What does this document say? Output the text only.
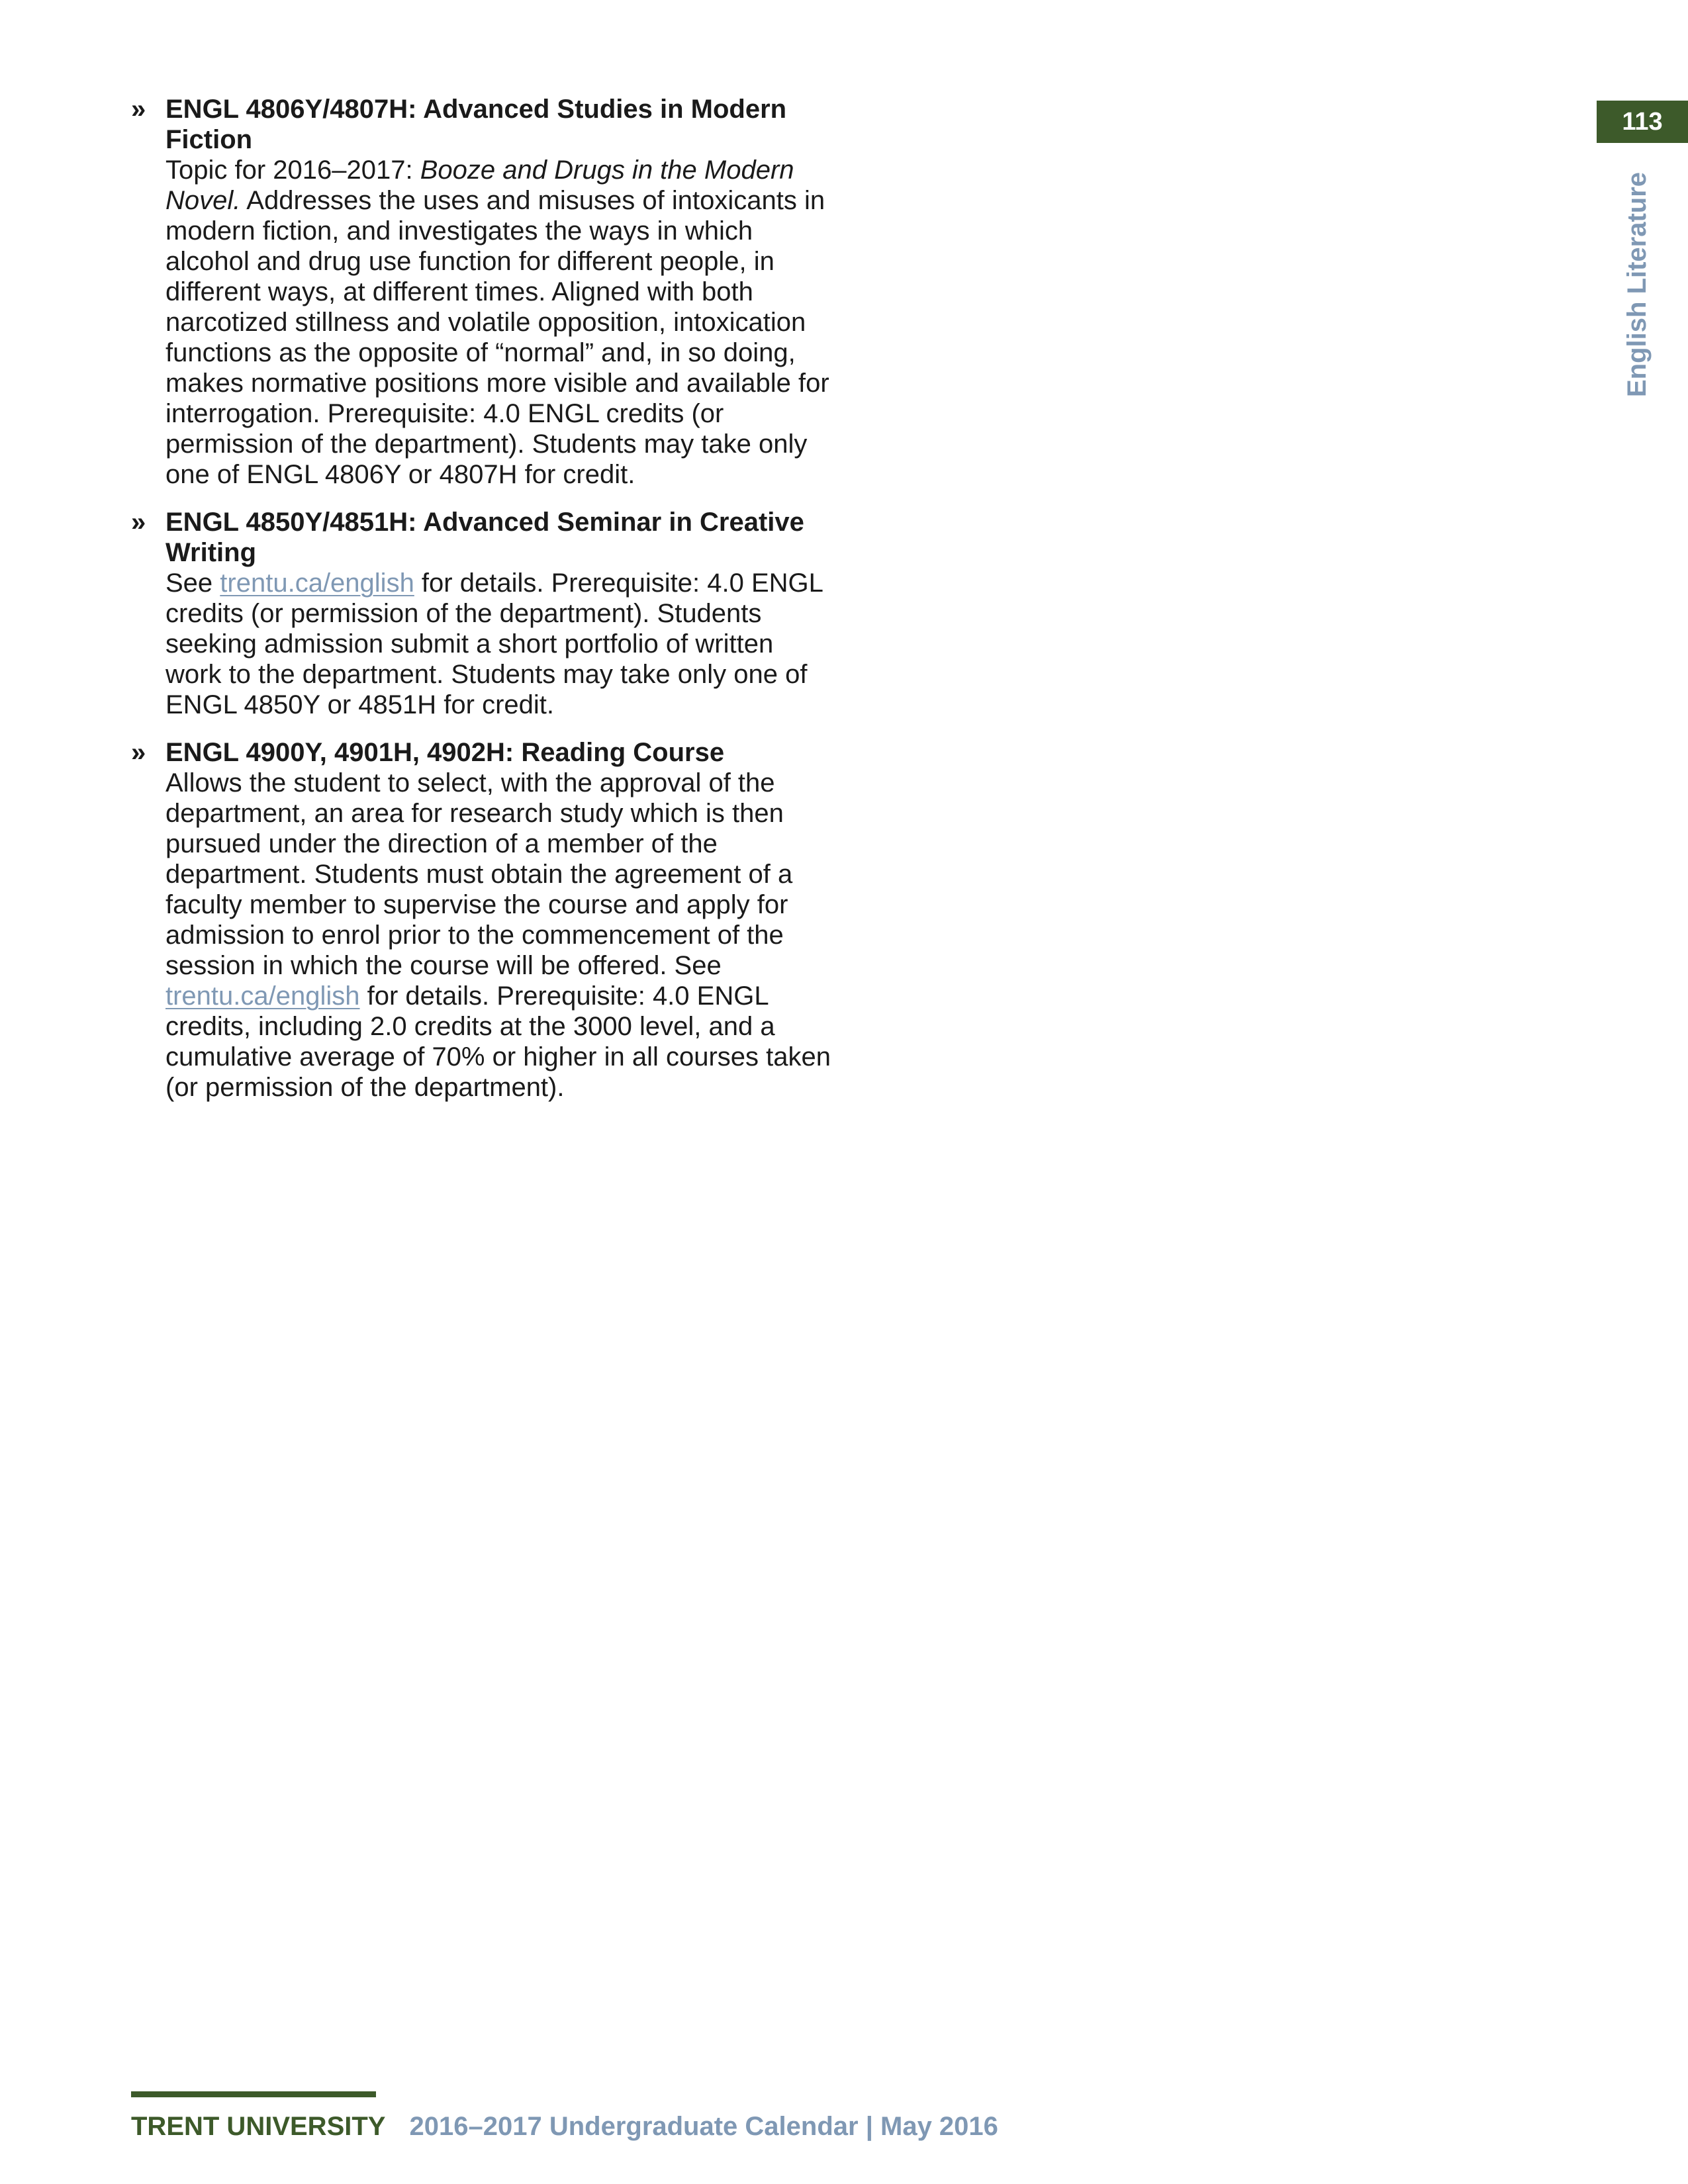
113
English Literature
» ENGL 4806Y/4807H: Advanced Studies in Modern
Fiction

Topic for 2016–2017: Booze and Drugs in the Modern Novel. Addresses the uses and misuses of intoxicants in modern fiction, and investigates the ways in which alcohol and drug use function for different people, in different ways, at different times. Aligned with both narcotized stillness and volatile opposition, intoxication functions as the opposite of “normal” and, in so doing, makes normative positions more visible and available for interrogation. Prerequisite: 4.0 ENGL credits (or permission of the department). Students may take only one of ENGL 4806Y or 4807H for credit.

» ENGL 4850Y/4851H: Advanced Seminar in Creative
Writing

See trentu.ca/english for details. Prerequisite: 4.0 ENGL credits (or permission of the department). Students seeking admission submit a short portfolio of written work to the department. Students may take only one of ENGL 4850Y or 4851H for credit.

» ENGL 4900Y, 4901H, 4902H: Reading Course

Allows the student to select, with the approval of the department, an area for research study which is then pursued under the direction of a member of the department. Students must obtain the agreement of a faculty member to supervise the course and apply for admission to enrol prior to the commencement of the session in which the course will be offered. See trentu.ca/english for details. Prerequisite: 4.0 ENGL credits, including 2.0 credits at the 3000 level, and a cumulative average of 70% or higher in all courses taken (or permission of the department).

TRENT UNIVERSITY 2016–2017 Undergraduate Calendar | May 2016
